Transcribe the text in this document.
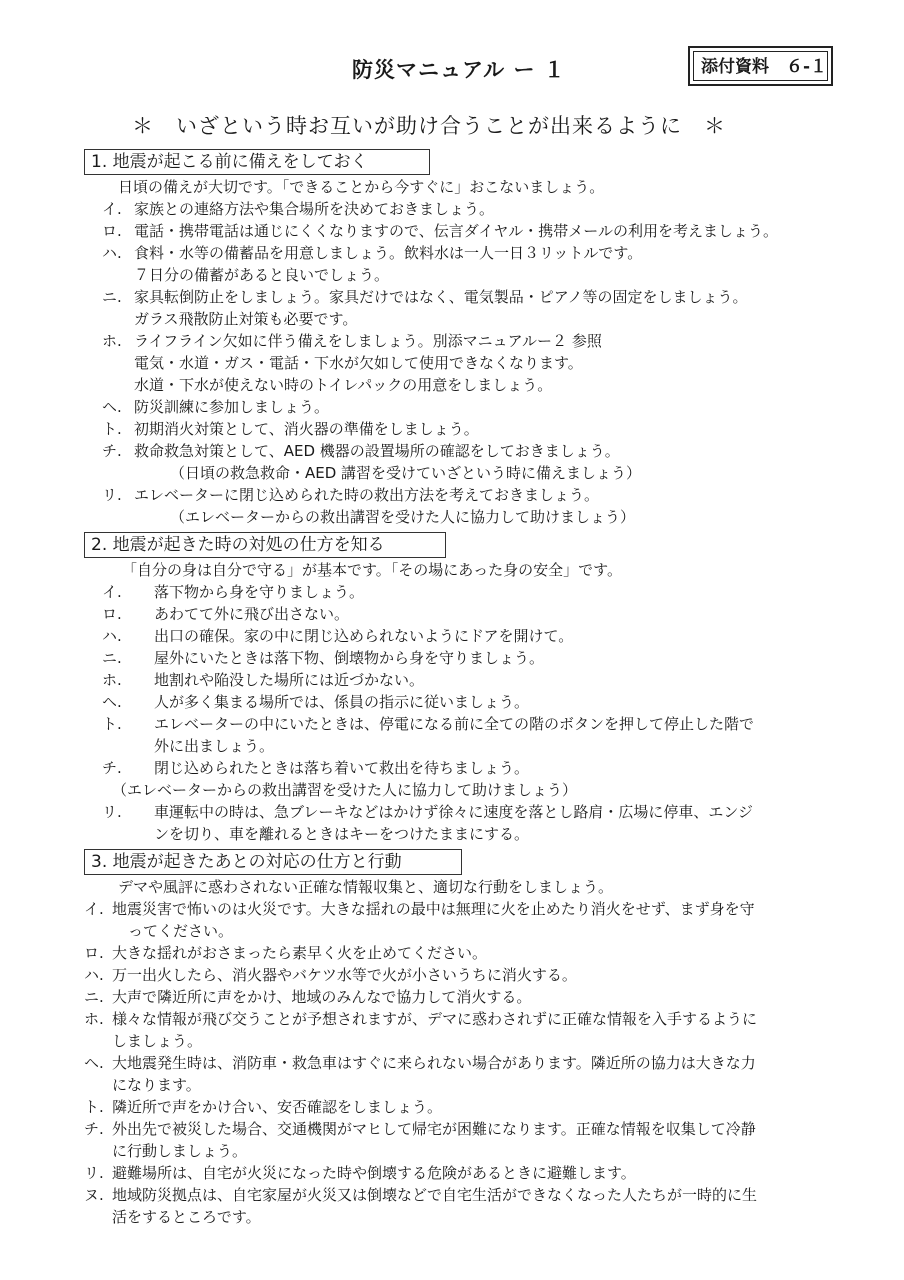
防災マニュアル ー １	添付資料　６-１
＊　いざという時お互いが助け合うことが出来るように　＊
1. 地震が起こる前に備えをしておく
日頃の備えが大切です。「できることから今すぐに」おこないましょう。
イ. 家族との連絡方法や集合場所を決めておきましょう。
ロ. 電話・携帯電話は通じにくくなりますので、伝言ダイヤル・携帯メールの利用を考えましょう。
ハ. 食料・水等の備蓄品を用意しましょう。飲料水は一人一日３リットルです。
７日分の備蓄があると良いでしょう。
ニ. 家具転倒防止をしましょう。家具だけではなく、電気製品・ピアノ等の固定をしましょう。
ガラス飛散防止対策も必要です。
ホ. ライフライン欠如に伴う備えをしましょう。別添マニュアルー２ 参照
電気・水道・ガス・電話・下水が欠如して使用できなくなります。
水道・下水が使えない時のトイレパックの用意をしましょう。
ヘ. 防災訓練に参加しましょう。
ト. 初期消火対策として、消火器の準備をしましょう。
チ. 救命救急対策として、AED 機器の設置場所の確認をしておきましょう。
（日頃の救急救命・AED 講習を受けていざという時に備えましょう）
リ. エレベーターに閉じ込められた時の救出方法を考えておきましょう。
（エレベーターからの救出講習を受けた人に協力して助けましょう）
2. 地震が起きた時の対処の仕方を知る
「自分の身は自分で守る」が基本です。「その場にあった身の安全」です。
イ. 落下物から身を守りましょう。
ロ. あわてて外に飛び出さない。
ハ. 出口の確保。家の中に閉じ込められないようにドアを開けて。
ニ. 屋外にいたときは落下物、倒壊物から身を守りましょう。
ホ. 地割れや陥没した場所には近づかない。
ヘ. 人が多く集まる場所では、係員の指示に従いましょう。
ト. エレベーターの中にいたときは、停電になる前に全ての階のボタンを押して停止した階で
外に出ましょう。
チ. 閉じ込められたときは落ち着いて救出を待ちましょう。
（エレベーターからの救出講習を受けた人に協力して助けましょう）
リ. 車運転中の時は、急ブレーキなどはかけず徐々に速度を落とし路肩・広場に停車、エンジ
ンを切り、車を離れるときはキーをつけたままにする。
3. 地震が起きたあとの対応の仕方と行動
デマや風評に惑わされない正確な情報収集と、適切な行動をしましょう。
イ. 地震災害で怖いのは火災です。大きな揺れの最中は無理に火を止めたり消火をせず、まず身を守
ってください。
ロ. 大きな揺れがおさまったら素早く火を止めてください。
ハ. 万一出火したら、消火器やバケツ水等で火が小さいうちに消火する。
ニ. 大声で隣近所に声をかけ、地域のみんなで協力して消火する。
ホ. 様々な情報が飛び交うことが予想されますが、デマに惑わされずに正確な情報を入手するように
しましょう。
ヘ. 大地震発生時は、消防車・救急車はすぐに来られない場合があります。隣近所の協力は大きな力
になります。
ト. 隣近所で声をかけ合い、安否確認をしましょう。
チ. 外出先で被災した場合、交通機関がマヒして帰宅が困難になります。正確な情報を収集して冷静
に行動しましょう。
リ. 避難場所は、自宅が火災になった時や倒壊する危険があるときに避難します。
ヌ. 地域防災拠点は、自宅家屋が火災又は倒壊などで自宅生活ができなくなった人たちが一時的に生
活をするところです。
